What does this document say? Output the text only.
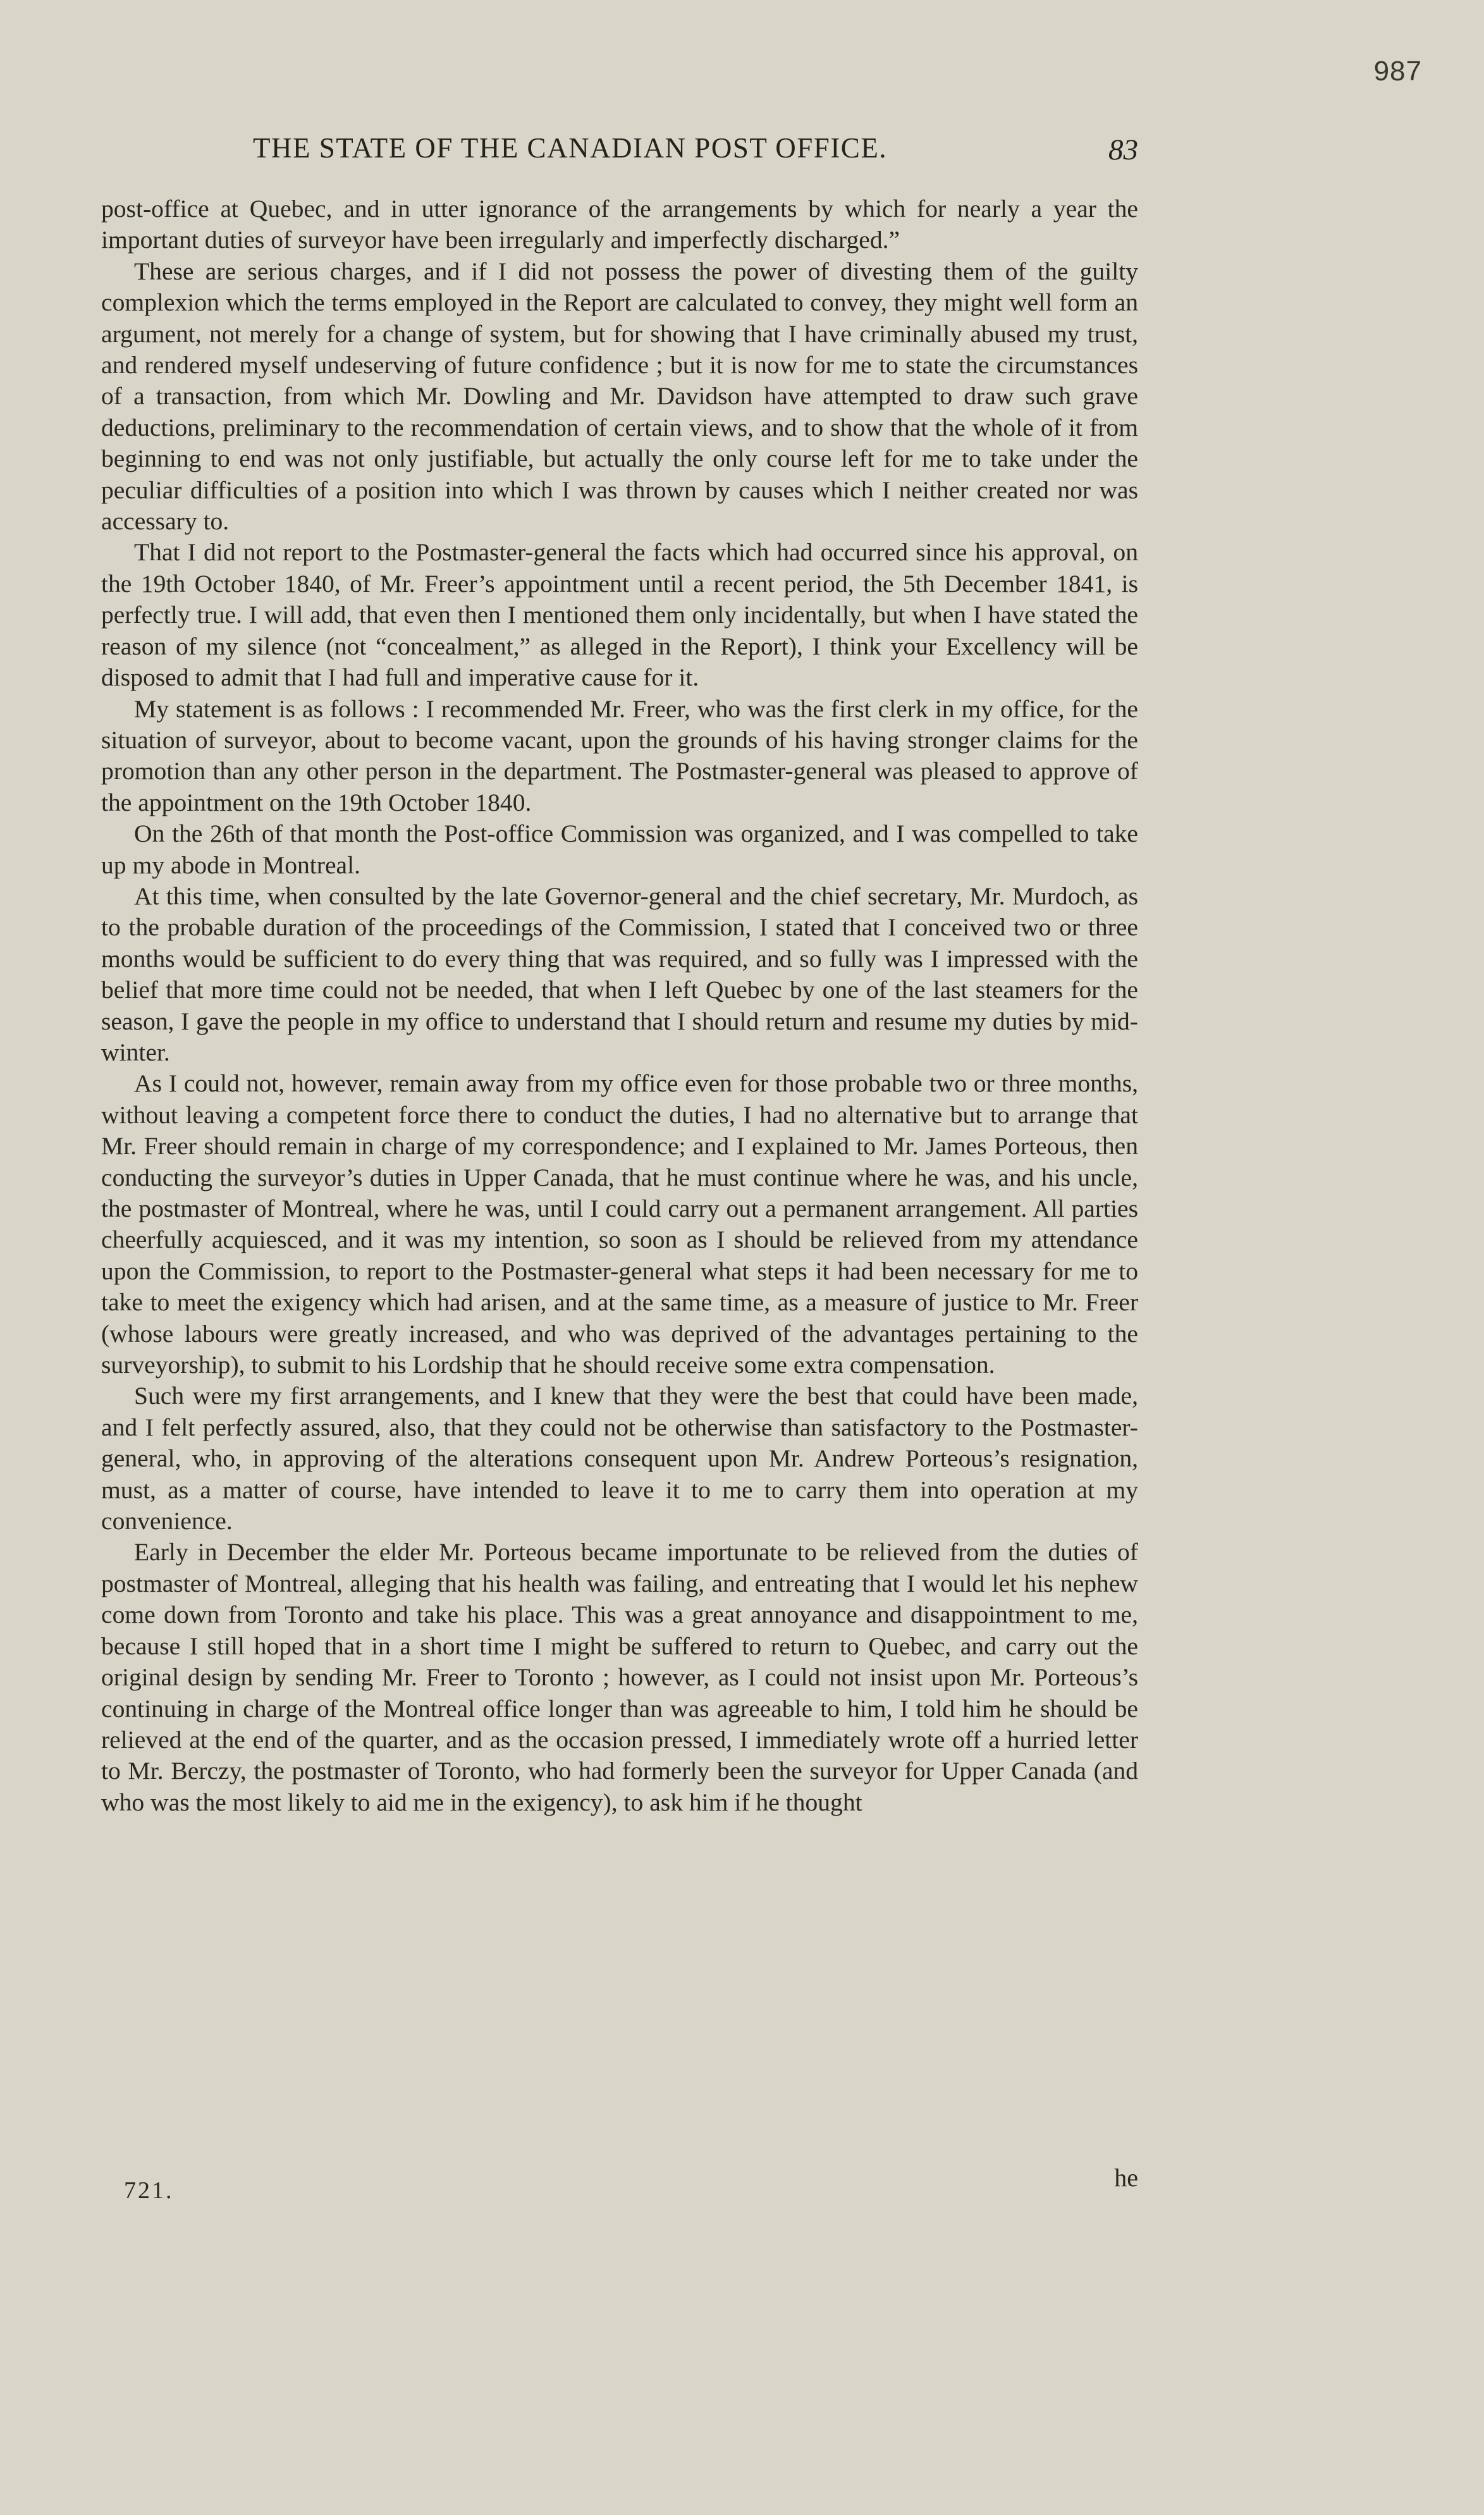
987
THE STATE OF THE CANADIAN POST OFFICE.	83

post-office at Quebec, and in utter ignorance of the arrangements by which for nearly a year the important duties of surveyor have been irregularly and imperfectly discharged.”

These are serious charges, and if I did not possess the power of divesting them of the guilty complexion which the terms employed in the Report are calculated to convey, they might well form an argument, not merely for a change of system, but for showing that I have criminally abused my trust, and rendered myself undeserving of future confidence ; but it is now for me to state the circumstances of a transaction, from which Mr. Dowling and Mr. Davidson have attempted to draw such grave deductions, preliminary to the recommendation of certain views, and to show that the whole of it from beginning to end was not only justifiable, but actually the only course left for me to take under the peculiar difficulties of a position into which I was thrown by causes which I neither created nor was accessary to.

That I did not report to the Postmaster-general the facts which had occurred since his approval, on the 19th October 1840, of Mr. Freer’s appointment until a recent period, the 5th December 1841, is perfectly true. I will add, that even then I mentioned them only incidentally, but when I have stated the reason of my silence (not “concealment,” as alleged in the Report), I think your Excellency will be disposed to admit that I had full and imperative cause for it.

My statement is as follows : I recommended Mr. Freer, who was the first clerk in my office, for the situation of surveyor, about to become vacant, upon the grounds of his having stronger claims for the promotion than any other person in the department. The Postmaster-general was pleased to approve of the appointment on the 19th October 1840.

On the 26th of that month the Post-office Commission was organized, and I was compelled to take up my abode in Montreal.

At this time, when consulted by the late Governor-general and the chief secretary, Mr. Murdoch, as to the probable duration of the proceedings of the Commission, I stated that I conceived two or three months would be sufficient to do every thing that was required, and so fully was I impressed with the belief that more time could not be needed, that when I left Quebec by one of the last steamers for the season, I gave the people in my office to understand that I should return and resume my duties by mid-winter.

As I could not, however, remain away from my office even for those probable two or three months, without leaving a competent force there to conduct the duties, I had no alternative but to arrange that Mr. Freer should remain in charge of my correspondence; and I explained to Mr. James Porteous, then conducting the surveyor’s duties in Upper Canada, that he must continue where he was, and his uncle, the postmaster of Montreal, where he was, until I could carry out a permanent arrangement. All parties cheerfully acquiesced, and it was my intention, so soon as I should be relieved from my attendance upon the Commission, to report to the Postmaster-general what steps it had been necessary for me to take to meet the exigency which had arisen, and at the same time, as a measure of justice to Mr. Freer (whose labours were greatly increased, and who was deprived of the advantages pertaining to the surveyorship), to submit to his Lordship that he should receive some extra compensation.

Such were my first arrangements, and I knew that they were the best that could have been made, and I felt perfectly assured, also, that they could not be otherwise than satisfactory to the Postmaster-general, who, in approving of the alterations consequent upon Mr. Andrew Porteous’s resignation, must, as a matter of course, have intended to leave it to me to carry them into operation at my convenience.

Early in December the elder Mr. Porteous became importunate to be relieved from the duties of postmaster of Montreal, alleging that his health was failing, and entreating that I would let his nephew come down from Toronto and take his place. This was a great annoyance and disappointment to me, because I still hoped that in a short time I might be suffered to return to Quebec, and carry out the original design by sending Mr. Freer to Toronto ; however, as I could not insist upon Mr. Porteous’s continuing in charge of the Montreal office longer than was agreeable to him, I told him he should be relieved at the end of the quarter, and as the occasion pressed, I immediately wrote off a hurried letter to Mr. Berczy, the postmaster of Toronto, who had formerly been the surveyor for Upper Canada (and who was the most likely to aid me in the exigency), to ask him if he thought

721.	he
